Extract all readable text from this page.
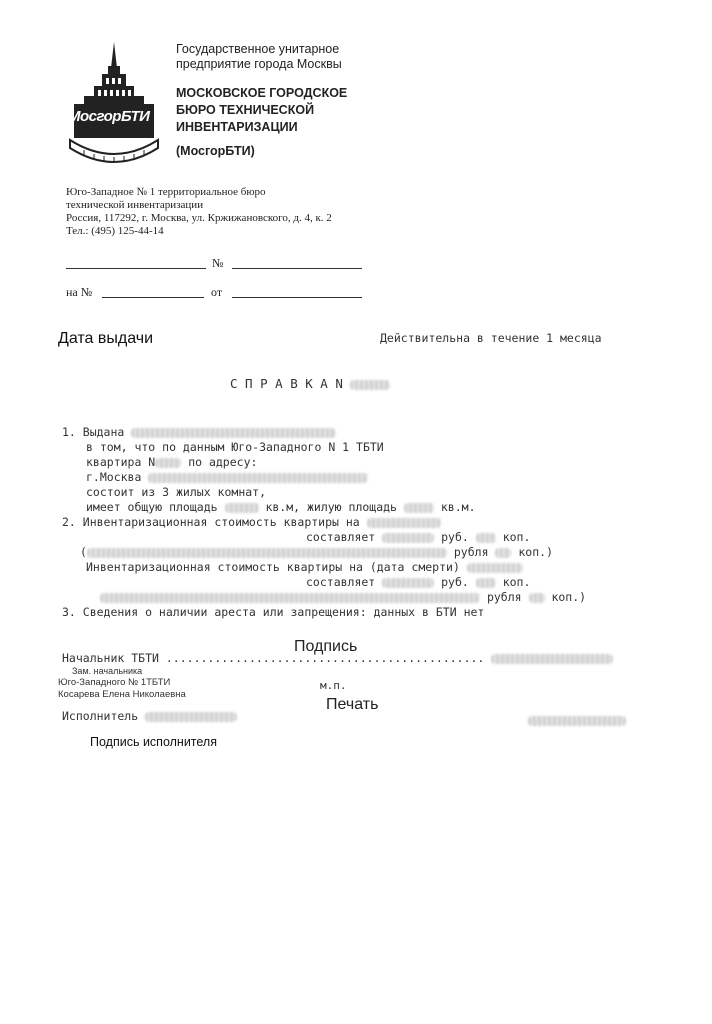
МосгорБТИ
Государственное унитарное
предприятие города Москвы
МОСКОВСКОЕ ГОРОДСКОЕ
БЮРО ТЕХНИЧЕСКОЙ
ИНВЕНТАРИЗАЦИИ
(МосгорБТИ)
Юго-Западное № 1 территориальное бюро
технической инвентаризации
Россия, 117292, г. Москва, ул. Кржижановского, д. 4, к. 2
Тел.: (495) 125-44-14
№
на №	от
Дата выдачи	Действительна в течение 1 месяца
С П Р А В К А N
1. Выдана
в том, что по данным Юго-Западного N 1 ТБТИ
квартира N	по адресу:
г.Москва
состоит из 3 жилых комнат,
имеет общую площадь	кв.м, жилую площадь	кв.м.
2. Инвентаризационная стоимость квартиры на
составляет	руб.	коп.
(	рубля	коп.)
Инвентаризационная стоимость квартиры на (дата смерти)
составляет	руб.	коп.
рубля	коп.)
3. Сведения о наличии ареста или запрещения: данных в БТИ нет
Начальник ТБТИ ..............................................
Подпись
Зам. начальника
Юго-Западного № 1ТБТИ
Косарева Елена Николаевна
м.п.
Печать
Исполнитель
Подпись исполнителя
